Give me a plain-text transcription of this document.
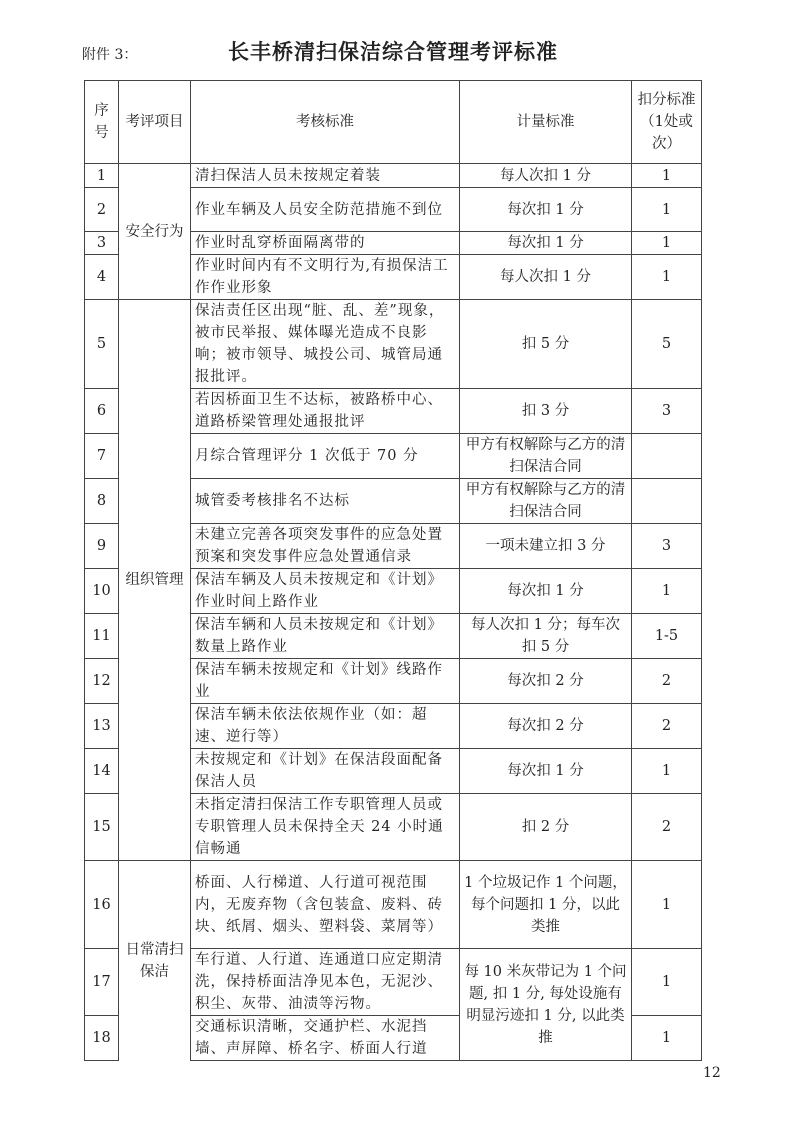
附件 3：	长丰桥清扫保洁综合管理考评标准
序号	考评项目	考核标准	计量标准	扣分标准（1处或次）
1	安全行为	清扫保洁人员未按规定着装	每人次扣 1 分	1
2		作业车辆及人员安全防范措施不到位	每次扣 1 分	1
3		作业时乱穿桥面隔离带的	每次扣 1 分	1
4		作业时间内有不文明行为,有损保洁工作作业形象	每人次扣 1 分	1
5	组织管理	保洁责任区出现“脏、乱、差”现象，被市民举报、媒体曝光造成不良影响；被市领导、城投公司、城管局通报批评。	扣 5 分	5
6		若因桥面卫生不达标，被路桥中心、道路桥梁管理处通报批评	扣 3 分	3
7		月综合管理评分 1 次低于 70 分	甲方有权解除与乙方的清扫保洁合同	
8		城管委考核排名不达标	甲方有权解除与乙方的清扫保洁合同	
9		未建立完善各项突发事件的应急处置预案和突发事件应急处置通信录	一项未建立扣 3 分	3
10		保洁车辆及人员未按规定和《计划》作业时间上路作业	每次扣 1 分	1
11		保洁车辆和人员未按规定和《计划》数量上路作业	每人次扣 1 分；每车次扣 5 分	1-5
12		保洁车辆未按规定和《计划》线路作业	每次扣 2 分	2
13		保洁车辆未依法依规作业（如：超速、逆行等）	每次扣 2 分	2
14		未按规定和《计划》在保洁段面配备保洁人员	每次扣 1 分	1
15		未指定清扫保洁工作专职管理人员或专职管理人员未保持全天 24 小时通信畅通	扣 2 分	2
16	日常清扫保洁	桥面、人行梯道、人行道可视范围内，无废弃物（含包装盒、废料、砖块、纸屑、烟头、塑料袋、菜屑等）	1 个垃圾记作 1 个问题，每个问题扣 1 分，以此类推	1
17		车行道、人行道、连通道口应定期清洗，保持桥面洁净见本色，无泥沙、积尘、灰带、油渍等污物。	每 10 米灰带记为 1 个问题, 扣 1 分, 每处设施有明显污迹扣 1 分, 以此类推	1
18		交通标识清晰，交通护栏、水泥挡墙、声屏障、桥名字、桥面人行道		1
12
